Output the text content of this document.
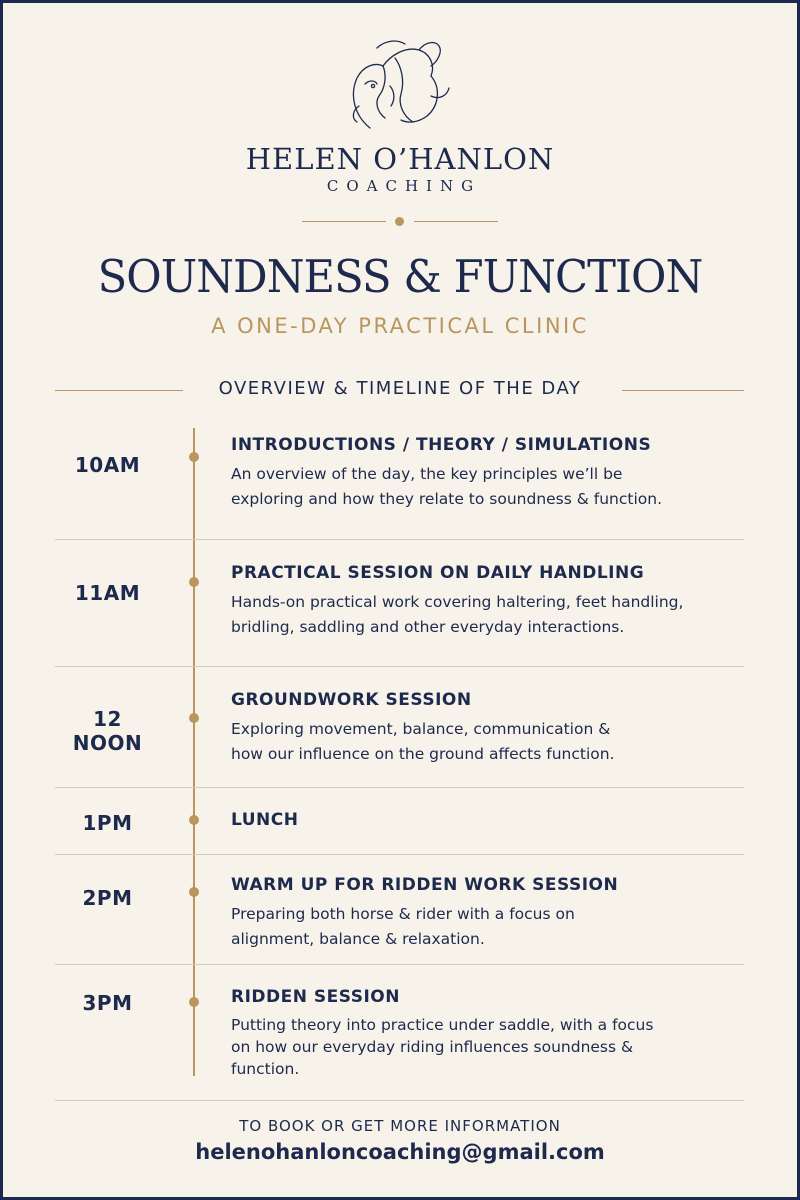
HELEN O’HANLON
COACHING
SOUNDNESS & FUNCTION
A ONE-DAY PRACTICAL CLINIC
OVERVIEW & TIMELINE OF THE DAY
10AM
INTRODUCTIONS / THEORY / SIMULATIONS
An overview of the day, the key principles we’ll be
exploring and how they relate to soundness & function.
11AM
PRACTICAL SESSION ON DAILY HANDLING
Hands-on practical work covering haltering, feet handling,
bridling, saddling and other everyday interactions.
12 NOON
GROUNDWORK SESSION
Exploring movement, balance, communication &
how our influence on the ground affects function.
1PM	LUNCH
2PM
WARM UP FOR RIDDEN WORK SESSION
Preparing both horse & rider with a focus on
alignment, balance & relaxation.
3PM	RIDDEN SESSION
Putting theory into practice under saddle, with a focus
on how our everyday riding influences soundness &
function.
TO BOOK OR GET MORE INFORMATION
helenohanloncoaching@gmail.com
